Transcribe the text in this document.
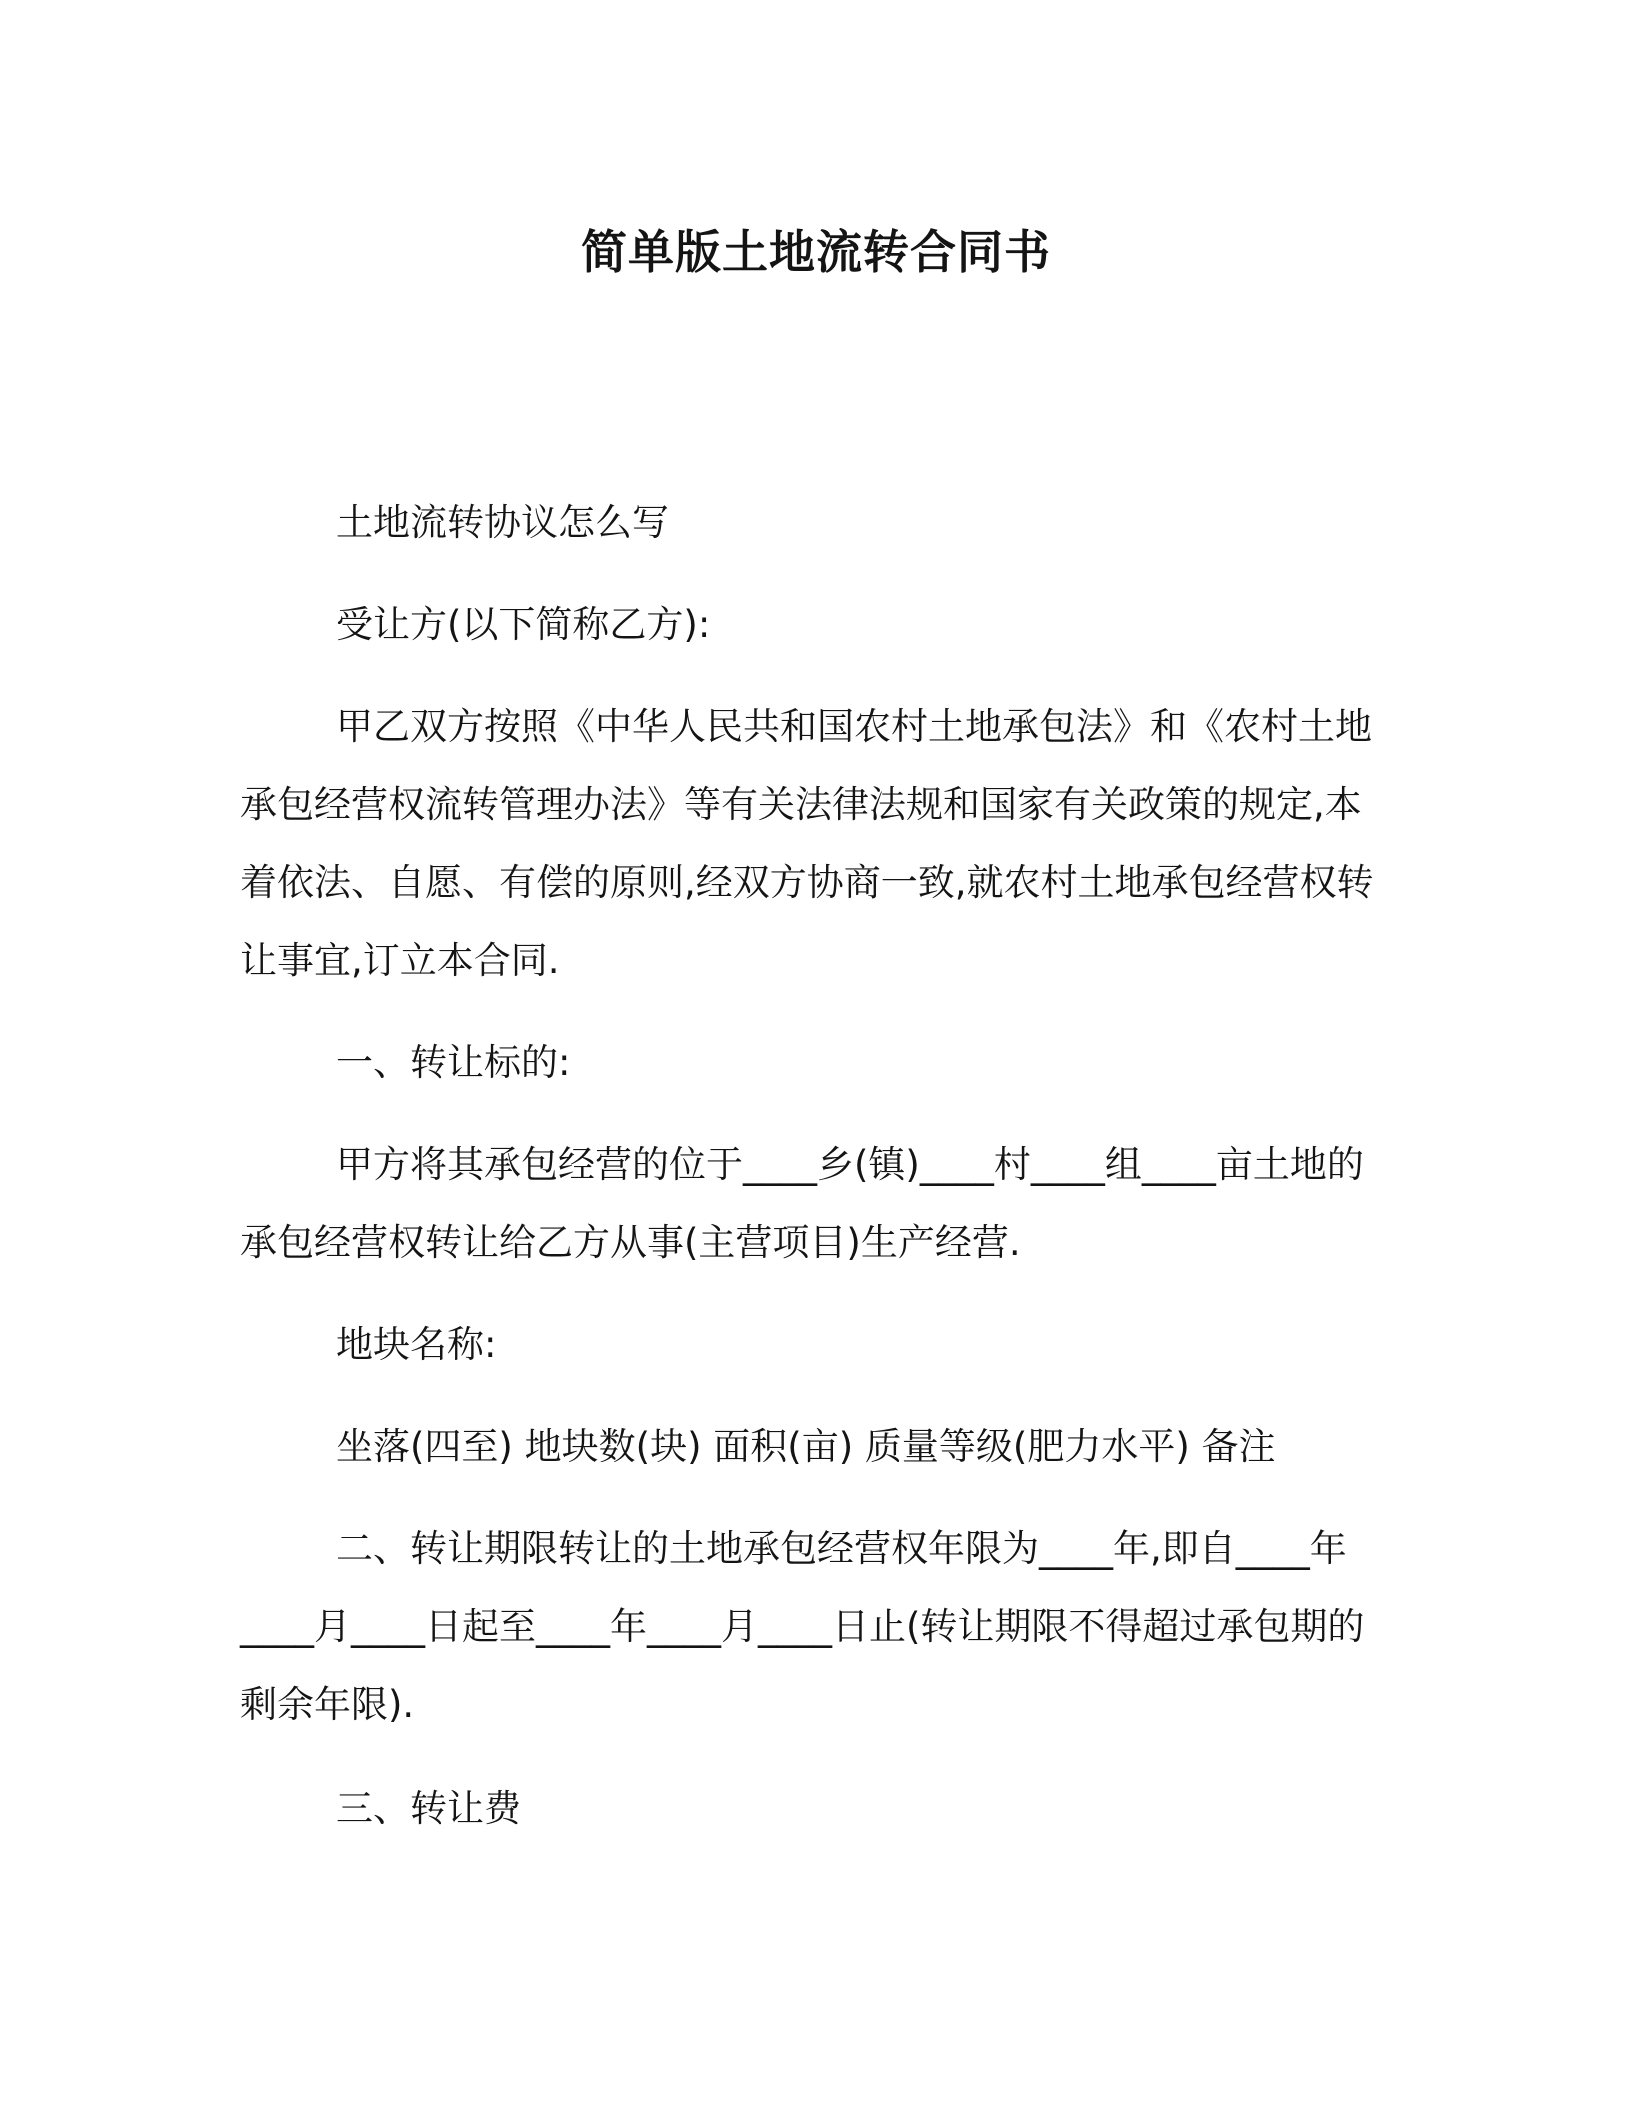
简单版土地流转合同书
土地流转协议怎么写
受让方(以下简称乙方):
甲乙双方按照《中华人民共和国农村土地承包法》和《农村土地承包经营权流转管理办法》等有关法律法规和国家有关政策的规定,本着依法、自愿、有偿的原则,经双方协商一致,就农村土地承包经营权转让事宜,订立本合同.
一、转让标的:
甲方将其承包经营的位于____乡(镇)____村____组____亩土地的承包经营权转让给乙方从事(主营项目)生产经营.
地块名称:
坐落(四至) 地块数(块) 面积(亩) 质量等级(肥力水平) 备注
二、转让期限转让的土地承包经营权年限为____年,即自____年____月____日起至____年____月____日止(转让期限不得超过承包期的剩余年限).
三、转让费
